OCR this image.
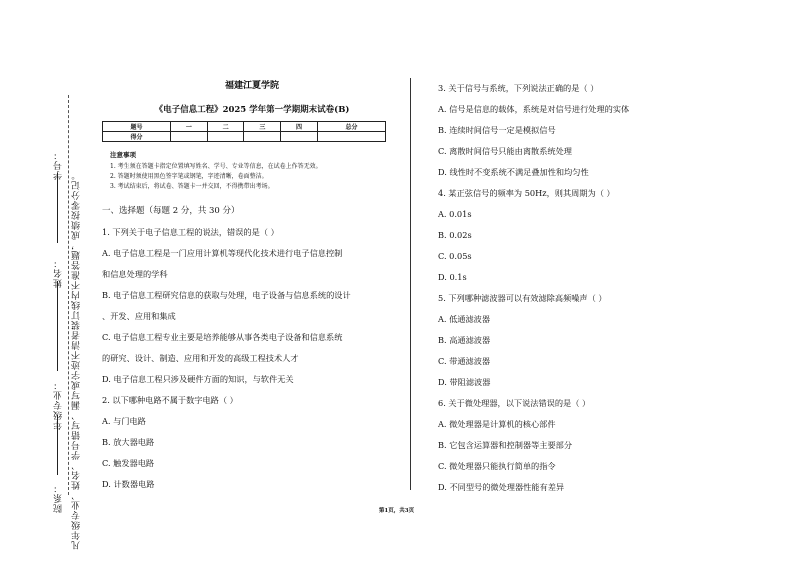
学号：
姓名：
年级专业：
院系：
装订线内不准答题，成绩按零分记。
凡年级专业、姓名、学号错写、漏写或字迹不清者，
福建江夏学院
《电子信息工程》2025 学年第一学期期末试卷(B)
题号	一	二	三	四	总分
得分					
注意事项
1. 考生须在答题卡指定位置填写姓名、学号、专业等信息，在试卷上作答无效。
2. 答题时须使用黑色签字笔或钢笔，字迹清晰，卷面整洁。
3. 考试结束后，将试卷、答题卡一并交回，不得携带出考场。
一、选择题（每题 2 分，共 30 分）
1. 下列关于电子信息工程的说法，错误的是（ ）
A. 电子信息工程是一门应用计算机等现代化技术进行电子信息控制
和信息处理的学科
B. 电子信息工程研究信息的获取与处理，电子设备与信息系统的设计
、开发、应用和集成
C. 电子信息工程专业主要是培养能够从事各类电子设备和信息系统
的研究、设计、制造、应用和开发的高级工程技术人才
D. 电子信息工程只涉及硬件方面的知识，与软件无关
2. 以下哪种电路不属于数字电路（ ）
A. 与门电路
B. 放大器电路
C. 触发器电路
D. 计数器电路
3. 关于信号与系统，下列说法正确的是（ ）
A. 信号是信息的载体，系统是对信号进行处理的实体
B. 连续时间信号一定是模拟信号
C. 离散时间信号只能由离散系统处理
D. 线性时不变系统不满足叠加性和均匀性
4. 某正弦信号的频率为 50Hz，则其周期为（ ）
A. 0.01s
B. 0.02s
C. 0.05s
D. 0.1s
5. 下列哪种滤波器可以有效滤除高频噪声（ ）
A. 低通滤波器
B. 高通滤波器
C. 带通滤波器
D. 带阻滤波器
6. 关于微处理器，以下说法错误的是（ ）
A. 微处理器是计算机的核心部件
B. 它包含运算器和控制器等主要部分
C. 微处理器只能执行简单的指令
D. 不同型号的微处理器性能有差异
第1页，共3页
